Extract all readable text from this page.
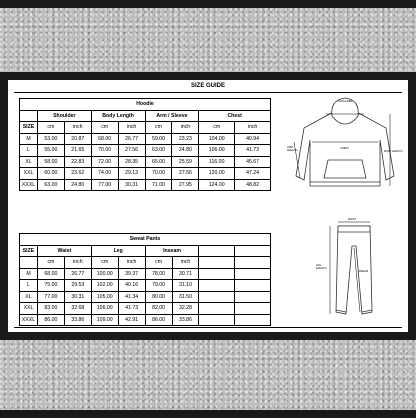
SIZE GUIDE
Hoodie								
	Shoulder		Body Length		Arm / Sleeve		Chest	
SIZE	cm	inch	cm	inch	cm	inch	cm	inch
M	53.00	20.87	68.00	26.77	59.00	23.23	104.00	40.94
L	55.00	21.65	70.00	27.56	63.00	24.80	106.00	41.73
XL	58.00	22.83	72.00	28.35	65.00	25.59	116.00	45.67
XXL	60.00	23.62	74.00	29.13	70.00	27.56	120.00	47.24
XXXL	63.00	24.80	77.00	30.31	71.00	27.95	124.00	48.82
Sweat Pants								
SIZE	Waist		Leg		Inseam			
	cm	inch	cm	inch	cm	inch		
M	68.00	26.77	100.00	39.37	78.00	30.71		
L	75.00	29.53	102.00	40.16	79.00	31.10		
XL	77.00	30.31	105.00	41.34	80.00	31.50		
XXL	83.00	32.68	106.00	41.73	82.00	32.28		
XXXL	86.00	33.86	109.00	42.91	86.00	33.86		
SHOULDER
ARM LENGTH
CHEST
BODY LENGTH
WAIST
LEG LENGTH
INSEAM
